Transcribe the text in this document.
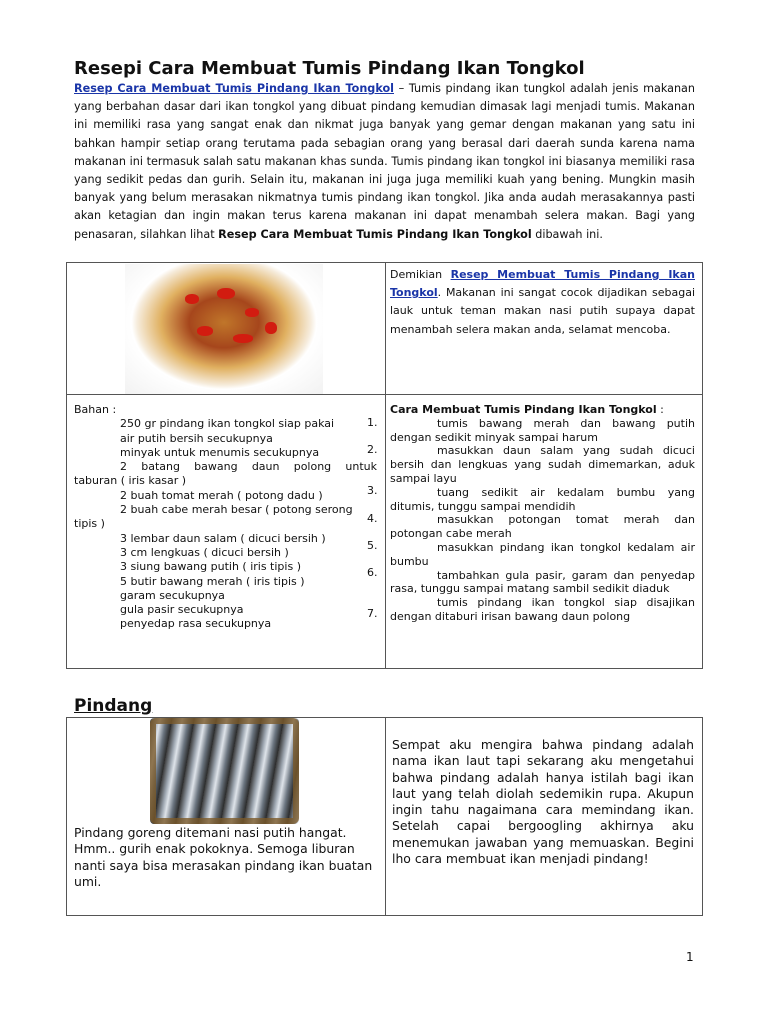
Resepi Cara Membuat Tumis Pindang Ikan Tongkol
Resep Cara Membuat Tumis Pindang Ikan Tongkol – Tumis pindang ikan tungkol adalah jenis makanan yang berbahan dasar dari ikan tongkol yang dibuat pindang kemudian dimasak lagi menjadi tumis. Makanan ini memiliki rasa yang sangat enak dan nikmat juga banyak yang gemar dengan makanan yang satu ini bahkan hampir setiap orang terutama pada sebagian orang yang berasal dari daerah sunda karena nama makanan ini termasuk salah satu makanan khas sunda. Tumis pindang ikan tongkol ini biasanya memiliki rasa yang sedikit pedas dan gurih. Selain itu, makanan ini juga juga memiliki kuah yang bening. Mungkin masih banyak yang belum merasakan nikmatnya tumis pindang ikan tongkol. Jika anda audah merasakannya pasti akan ketagian dan ingin makan terus karena makanan ini dapat menambah selera makan. Bagi yang penasaran, silahkan lihat Resep Cara Membuat Tumis Pindang Ikan Tongkol dibawah ini.
Demikian Resep Membuat Tumis Pindang Ikan Tongkol. Makanan ini sangat cocok dijadikan sebagai lauk untuk teman makan nasi putih supaya dapat menambah selera makan anda, selamat mencoba.
Bahan :
250 gr pindang ikan tongkol siap pakai
air putih bersih secukupnya
minyak untuk menumis secukupnya
2 batang bawang daun polong untuk
taburan ( iris kasar )
2 buah tomat merah ( potong dadu )
2 buah cabe merah besar ( potong serong
tipis )
3 lembar daun salam ( dicuci bersih )
3 cm lengkuas ( dicuci bersih )
3 siung bawang putih ( iris tipis )
5 butir bawang merah ( iris tipis )
garam secukupnya
gula pasir secukupnya
penyedap rasa secukupnya
1.
2.
3.
4.
5.
6.
7.
Cara Membuat Tumis Pindang Ikan Tongkol :
tumis bawang merah dan bawang putih dengan sedikit minyak sampai harum
masukkan daun salam yang sudah dicuci bersih dan lengkuas yang sudah dimemarkan, aduk sampai layu
tuang sedikit air kedalam bumbu yang ditumis, tunggu sampai mendidih
masukkan potongan tomat merah dan potongan cabe merah
masukkan pindang ikan tongkol kedalam air bumbu
tambahkan gula pasir, garam dan penyedap rasa, tunggu sampai matang sambil sedikit diaduk
tumis pindang ikan tongkol siap disajikan dengan ditaburi irisan bawang daun polong
Pindang
Pindang goreng ditemani nasi putih hangat. Hmm.. gurih enak pokoknya. Semoga liburan nanti saya bisa merasakan pindang ikan buatan umi.
Sempat aku mengira bahwa pindang adalah nama ikan laut tapi sekarang aku mengetahui bahwa pindang adalah hanya istilah bagi ikan laut yang telah diolah sedemikin rupa. Akupun ingin tahu nagaimana cara memindang ikan. Setelah capai bergoogling akhirnya aku menemukan jawaban yang memuaskan. Begini lho cara membuat ikan menjadi pindang!
1
